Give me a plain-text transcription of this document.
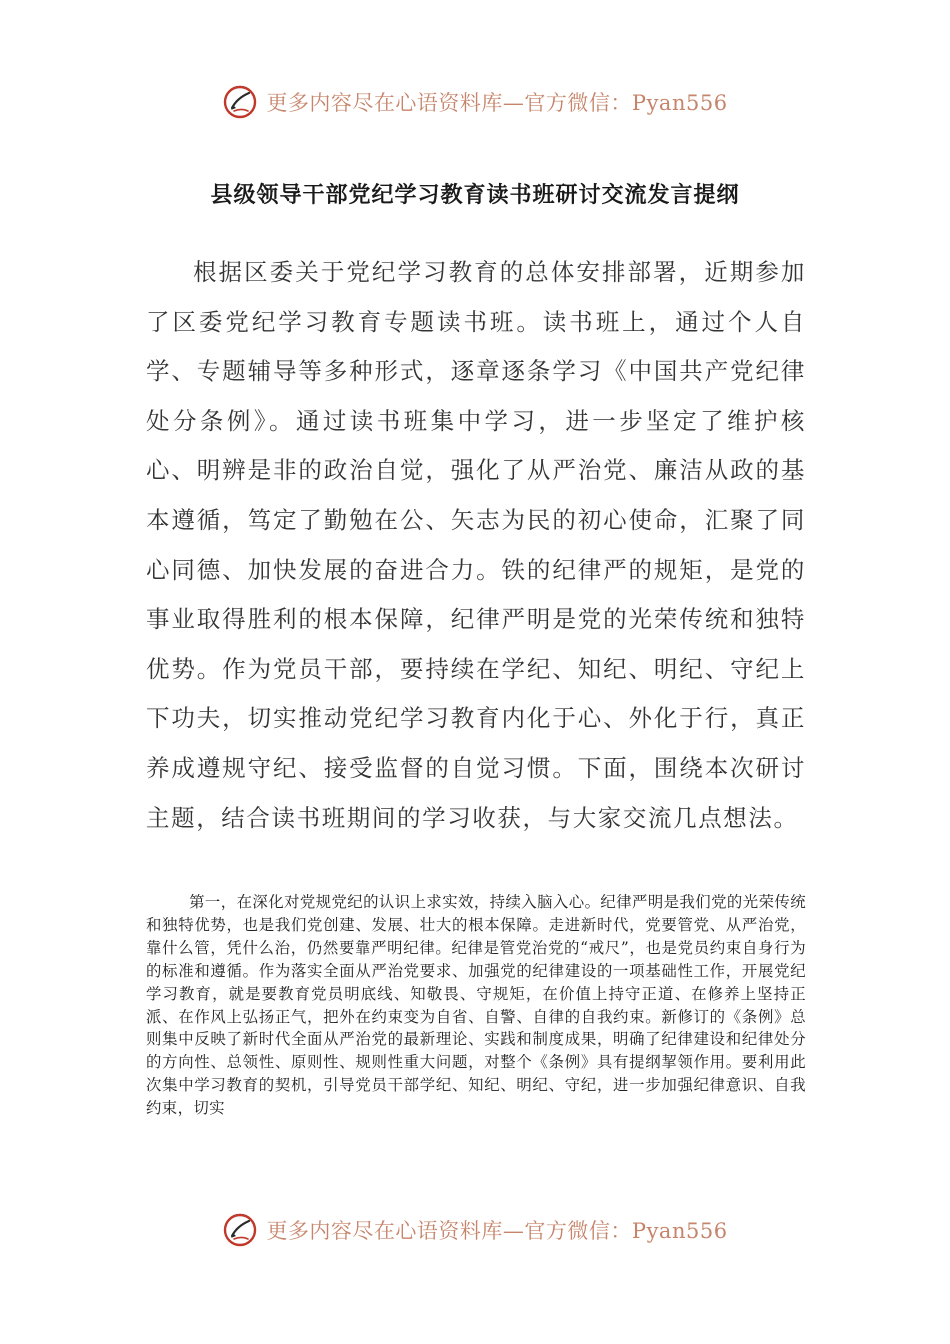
更多内容尽在心语资料库—官方微信：Pyan556
县级领导干部党纪学习教育读书班研讨交流发言提纲

根据区委关于党纪学习教育的总体安排部署，近期参加了区委党纪学习教育专题读书班。读书班上，通过个人自学、专题辅导等多种形式，逐章逐条学习《中国共产党纪律处分条例》。通过读书班集中学习，进一步坚定了维护核心、明辨是非的政治自觉，强化了从严治党、廉洁从政的基本遵循，笃定了勤勉在公、矢志为民的初心使命，汇聚了同心同德、加快发展的奋进合力。铁的纪律严的规矩，是党的事业取得胜利的根本保障，纪律严明是党的光荣传统和独特优势。作为党员干部，要持续在学纪、知纪、明纪、守纪上下功夫，切实推动党纪学习教育内化于心、外化于行，真正养成遵规守纪、接受监督的自觉习惯。下面，围绕本次研讨主题，结合读书班期间的学习收获，与大家交流几点想法。

第一，在深化对党规党纪的认识上求实效，持续入脑入心。纪律严明是我们党的光荣传统和独特优势，也是我们党创建、发展、壮大的根本保障。走进新时代，党要管党、从严治党，靠什么管，凭什么治，仍然要靠严明纪律。纪律是管党治党的“戒尺”，也是党员约束自身行为的标准和遵循。作为落实全面从严治党要求、加强党的纪律建设的一项基础性工作，开展党纪学习教育，就是要教育党员明底线、知敬畏、守规矩，在价值上持守正道、在修养上坚持正派、在作风上弘扬正气，把外在约束变为自省、自警、自律的自我约束。新修订的《条例》总则集中反映了新时代全面从严治党的最新理论、实践和制度成果，明确了纪律建设和纪律处分的方向性、总领性、原则性、规则性重大问题，对整个《条例》具有提纲挈领作用。要利用此次集中学习教育的契机，引导党员干部学纪、知纪、明纪、守纪，进一步加强纪律意识、自我约束，切实

更多内容尽在心语资料库—官方微信：Pyan556
